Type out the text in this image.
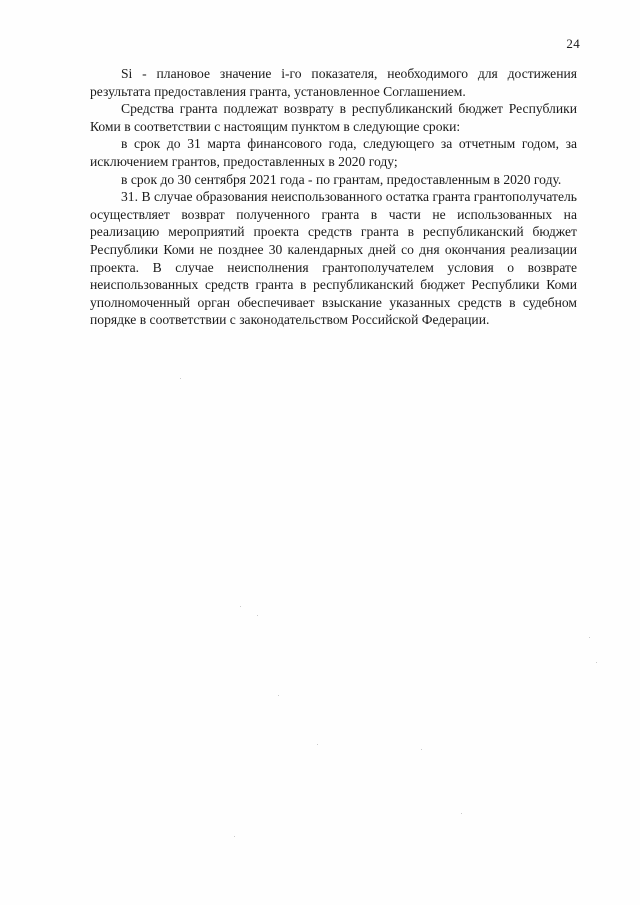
24

Si - плановое значение i-го показателя, необходимого для достижения результата предоставления гранта, установленное Соглашением.

Средства гранта подлежат возврату в республиканский бюджет Республики Коми в соответствии с настоящим пунктом в следующие сроки:

в срок до 31 марта финансового года, следующего за отчетным годом, за исключением грантов, предоставленных в 2020 году;

в срок до 30 сентября 2021 года - по грантам, предоставленным в 2020 году.

31. В случае образования неиспользованного остатка гранта грантополучатель осуществляет возврат полученного гранта в части не использованных на реализацию мероприятий проекта средств гранта в республиканский бюджет Республики Коми не позднее 30 календарных дней со дня окончания реализации проекта. В случае неисполнения грантополучателем условия о возврате неиспользованных средств гранта в республиканский бюджет Республики Коми уполномоченный орган обеспечивает взыскание указанных средств в судебном порядке в соответствии с законодательством Российской Федерации.
